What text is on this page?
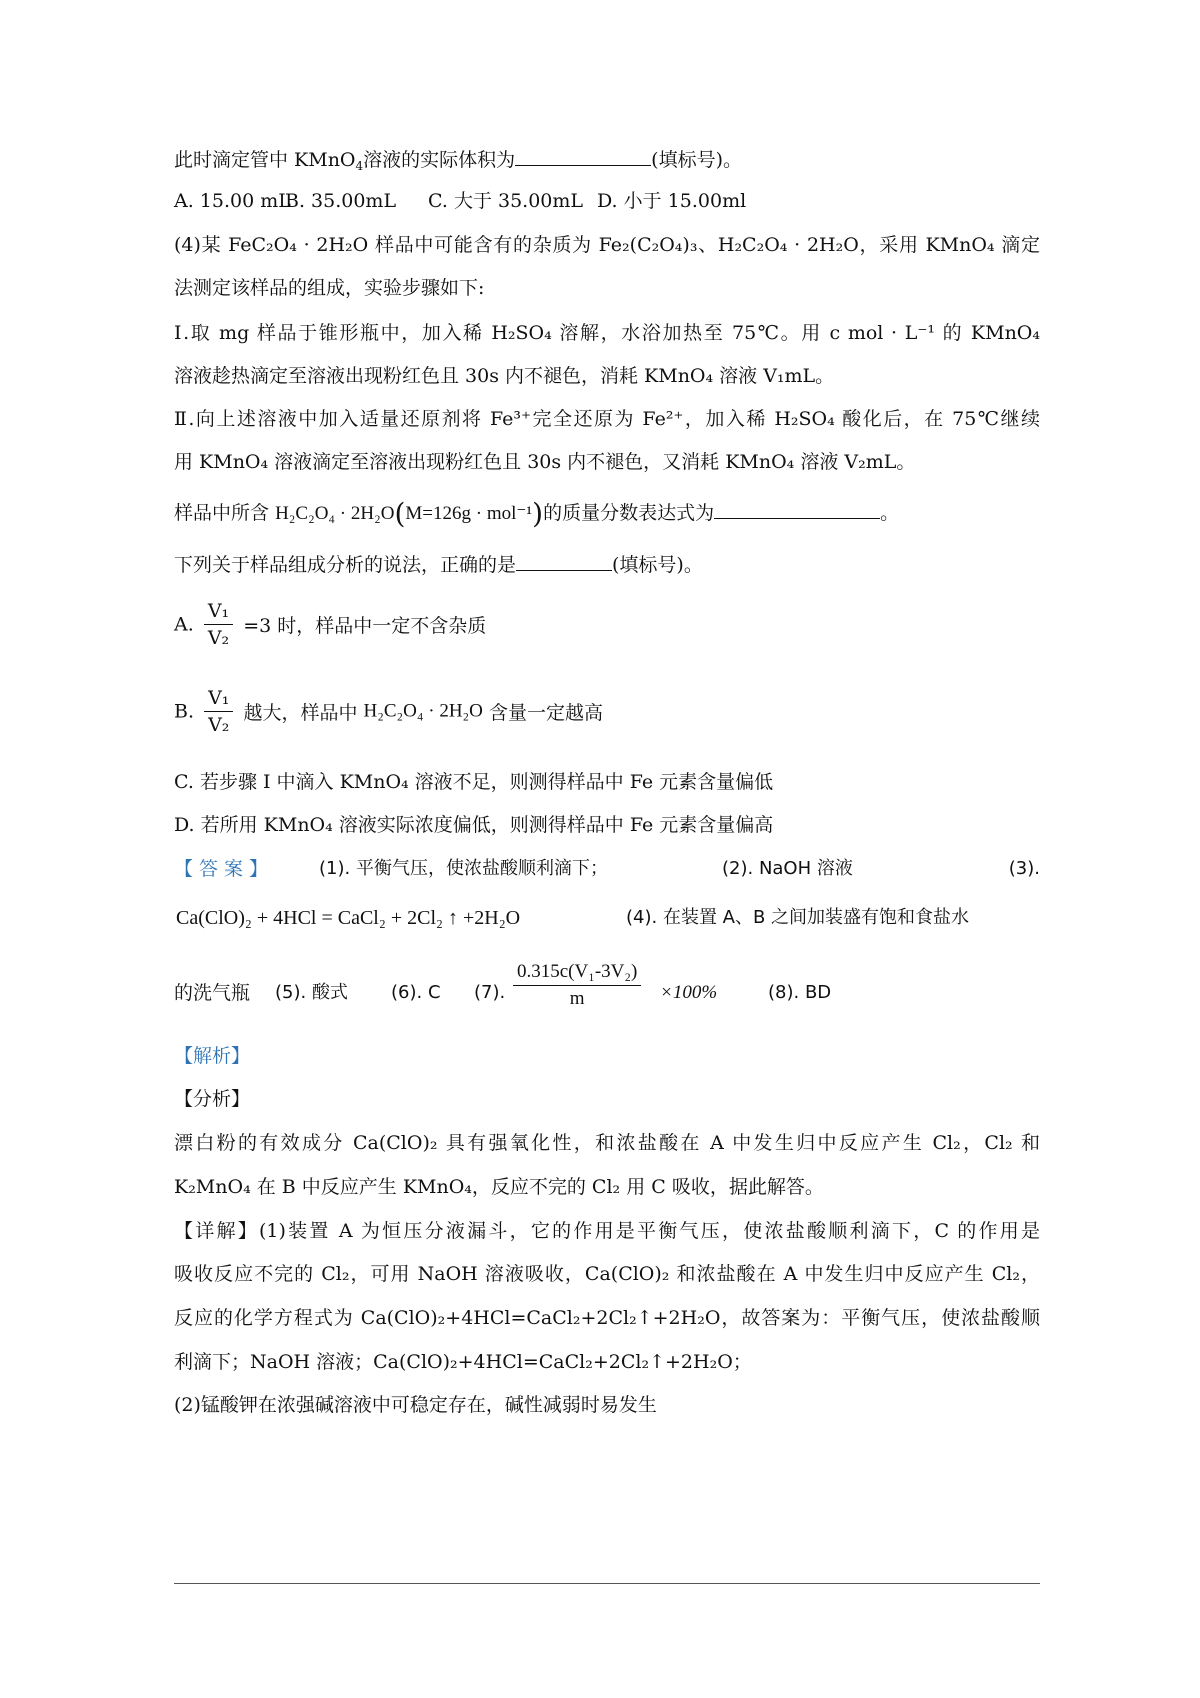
此时滴定管中 KMnO$_4$溶液的实际体积为	(填标号)。
A. 15.00 mL
B. 35.00mL C. 大于 35.00mL D. 小于 15.00ml
(4)某 FeC₂O₄ · 2H₂O 样品中可能含有的杂质为 Fe₂(C₂O₄)₃、H₂C₂O₄ · 2H₂O，采用 KMnO₄ 滴定
法测定该样品的组成，实验步骤如下:
Ⅰ.取 mg 样品于锥形瓶中，加入稀 H₂SO₄ 溶解，水浴加热至 75℃。用 c mol · L⁻¹ 的 KMnO₄
溶液趁热滴定至溶液出现粉红色且 30s 内不褪色，消耗 KMnO₄ 溶液 V₁mL。
Ⅱ.向上述溶液中加入适量还原剂将 Fe³⁺完全还原为 Fe²⁺，加入稀 H₂SO₄ 酸化后，在 75℃继续
用 KMnO₄ 溶液滴定至溶液出现粉红色且 30s 内不褪色，又消耗 KMnO₄ 溶液 V₂mL。
样品中所含 H₂C₂O₄ · 2H₂O(M=126g · mol⁻¹)的质量分数表达式为	。
下列关于样品组成分析的说法，正确的是	(填标号)。
A. $\frac{\text{V₁}}{\text{V₂}} =3$ 时，样品中一定不含杂质
B. $\frac{\text{V₁}}{\text{V₂}}$ 越大，样品中 H₂C₂O₄ · 2H₂O 含量一定越高
C. 若步骤 I 中滴入 KMnO₄ 溶液不足，则测得样品中 Fe 元素含量偏低
D. 若所用 KMnO₄ 溶液实际浓度偏低，则测得样品中 Fe 元素含量偏高
【答案】 (1). 平衡气压，使浓盐酸顺利滴下；	(2). NaOH 溶液	(3).
Ca(ClO)₂ + 4HCl = CaCl₂ + 2Cl₂ ↑ +2H₂O	(4). 在装置 A、B 之间加装盛有饱和食盐水
的洗气瓶 (5). 酸式 (6). C (7). $\frac{\text{0.315c(V₁-3V₂)}}{m} \times 100\%$	(8). BD
【解析】
【分析】
漂白粉的有效成分 Ca(ClO)₂ 具有强氧化性，和浓盐酸在 A 中发生归中反应产生 Cl₂，Cl₂ 和
K₂MnO₄ 在 B 中反应产生 KMnO₄，反应不完的 Cl₂ 用 C 吸收，据此解答。
【详解】(1)装置 A 为恒压分液漏斗，它的作用是平衡气压，使浓盐酸顺利滴下，C 的作用是
吸收反应不完的 Cl₂，可用 NaOH 溶液吸收，Ca(ClO)₂ 和浓盐酸在 A 中发生归中反应产生 Cl₂，
反应的化学方程式为 Ca(ClO)₂+4HCl=CaCl₂+2Cl₂↑+2H₂O，故答案为：平衡气压，使浓盐酸顺
利滴下；NaOH 溶液；Ca(ClO)₂+4HCl=CaCl₂+2Cl₂↑+2H₂O；
(2)锰酸钾在浓强碱溶液中可稳定存在，碱性减弱时易发生
